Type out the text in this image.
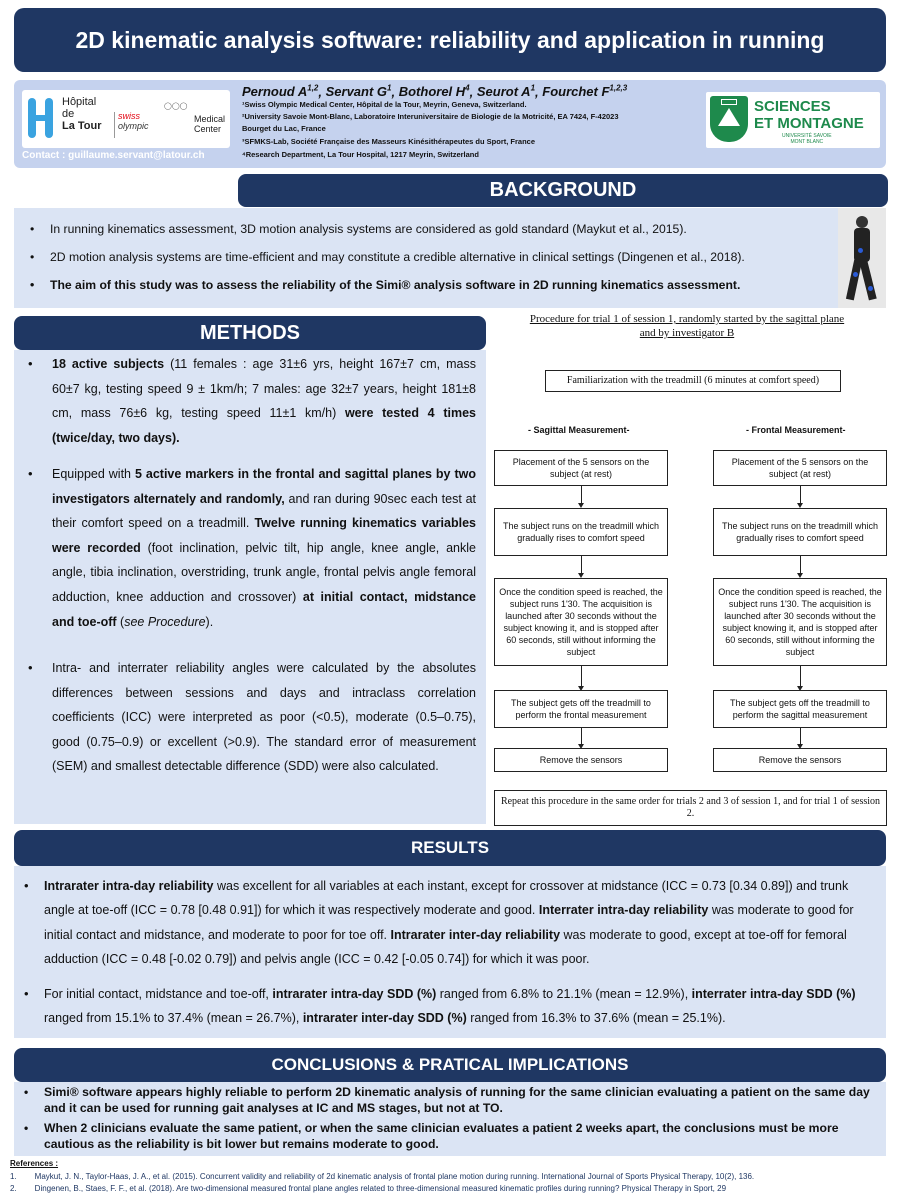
2D kinematic analysis software: reliability and application in running
Hôpital
de
La Tour
swiss
olympic
◯◯◯
Medical
Center
Contact : guillaume.servant@latour.ch
Pernoud A$^{1,2}$, Servant $G^1$, Bothorel $H^4$, Seurot $A^1$, Fourchet F$^{1,2,3}$
¹Swiss Olympic Medical Center, Hôpital de la Tour, Meyrin, Geneva, Switzerland.
²University Savoie Mont-Blanc, Laboratoire Interuniversitaire de Biologie de la Motricité, EA 7424, F-42023
Bourget du Lac, France
³SFMKS-Lab, Société Française des Masseurs Kinésithérapeutes du Sport, France
⁴Research Department, La Tour Hospital, 1217 Meyrin, Switzerland
SCIENCES
ET MONTAGNE
UNIVERSITÉ SAVOIE
MONT BLANC
BACKGROUND
• In running kinematics assessment, 3D motion analysis systems are considered as gold standard (Maykut et al., 2015).
• 2D motion analysis systems are time-efficient and may constitute a credible alternative in clinical settings (Dingenen et al., 2018).
• The aim of this study was to assess the reliability of the Simi® analysis software in 2D running kinematics assessment.
METHODS
• 18 active subjects (11 females : age 31±6 yrs, height 167±7 cm, mass 60±7 kg, testing speed 9 ± 1km/h; 7 males: age 32±7 years, height 181±8 cm, mass 76±6 kg, testing speed 11±1 km/h) were tested 4 times (twice/day, two days).
• Equipped with 5 active markers in the frontal and sagittal planes by two investigators alternately and randomly, and ran during 90sec each test at their comfort speed on a treadmill. Twelve running kinematics variables were recorded (foot inclination, pelvic tilt, hip angle, knee angle, ankle angle, tibia inclination, overstriding, trunk angle, frontal pelvis angle femoral adduction, knee adduction and crossover) at initial contact, midstance and toe-off (see Procedure).
• Intra- and interrater reliability angles were calculated by the absolutes differences between sessions and days and intraclass correlation coefficients (ICC) were interpreted as poor (<0.5), moderate (0.5–0.75), good (0.75–0.9) or excellent (>0.9). The standard error of measurement (SEM) and smallest detectable difference (SDD) were also calculated.
Procedure for trial 1 of session 1, randomly started by the sagittal plane and by investigator B
Familiarization with the treadmill (6 minutes at comfort speed)
- Sagittal Measurement-	- Frontal Measurement-
Placement of the 5 sensors on the subject (at rest)
Placement of the 5 sensors on the subject (at rest)
The subject runs on the treadmill which gradually rises to comfort speed
The subject runs on the treadmill which gradually rises to comfort speed
Once the condition speed is reached, the subject runs 1'30. The acquisition is launched after 30 seconds without the subject knowing it, and is stopped after 60 seconds, still without informing the subject
Once the condition speed is reached, the subject runs 1'30. The acquisition is launched after 30 seconds without the subject knowing it, and is stopped after 60 seconds, still without informing the subject
The subject gets off the treadmill to perform the frontal measurement
The subject gets off the treadmill to perform the sagittal measurement
Remove the sensors	Remove the sensors
Repeat this procedure in the same order for trials 2 and 3 of session 1, and for trial 1 of session 2.
RESULTS
• Intrarater intra-day reliability was excellent for all variables at each instant, except for crossover at midstance (ICC = 0.73 [0.34 0.89]) and trunk angle at toe-off (ICC = 0.78 [0.48 0.91]) for which it was respectively moderate and good. Interrater intra-day reliability was moderate to good for initial contact and midstance, and moderate to poor for toe off. Intrarater inter-day reliability was moderate to good, except at toe-off for femoral adduction (ICC = 0.48 [-0.02 0.79]) and pelvis angle (ICC = 0.42 [-0.05 0.74]) for which it was poor.
• For initial contact, midstance and toe-off, intrarater intra-day SDD (%) ranged from 6.8% to 21.1% (mean = 12.9%), interrater intra-day SDD (%) ranged from 15.1% to 37.4% (mean = 26.7%), intrarater inter-day SDD (%) ranged from 16.3% to 37.6% (mean = 25.1%).
CONCLUSIONS & PRATICAL IMPLICATIONS
• Simi® software appears highly reliable to perform 2D kinematic analysis of running for the same clinician evaluating a patient on the same day and it can be used for running gait analyses at IC and MS stages, but not at TO.
• When 2 clinicians evaluate the same patient, or when the same clinician evaluates a patient 2 weeks apart, the conclusions must be more cautious as the reliability is bit lower but remains moderate to good.
References :
1. Maykut, J. N., Taylor-Haas, J. A., et al. (2015). Concurrent validity and reliability of 2d kinematic analysis of frontal plane motion during running. International Journal of Sports Physical Therapy, 10(2), 136.
2. Dingenen, B., Staes, F. F., et al. (2018). Are two-dimensional measured frontal plane angles related to three-dimensional measured kinematic profiles during running? Physical Therapy in Sport, 29
